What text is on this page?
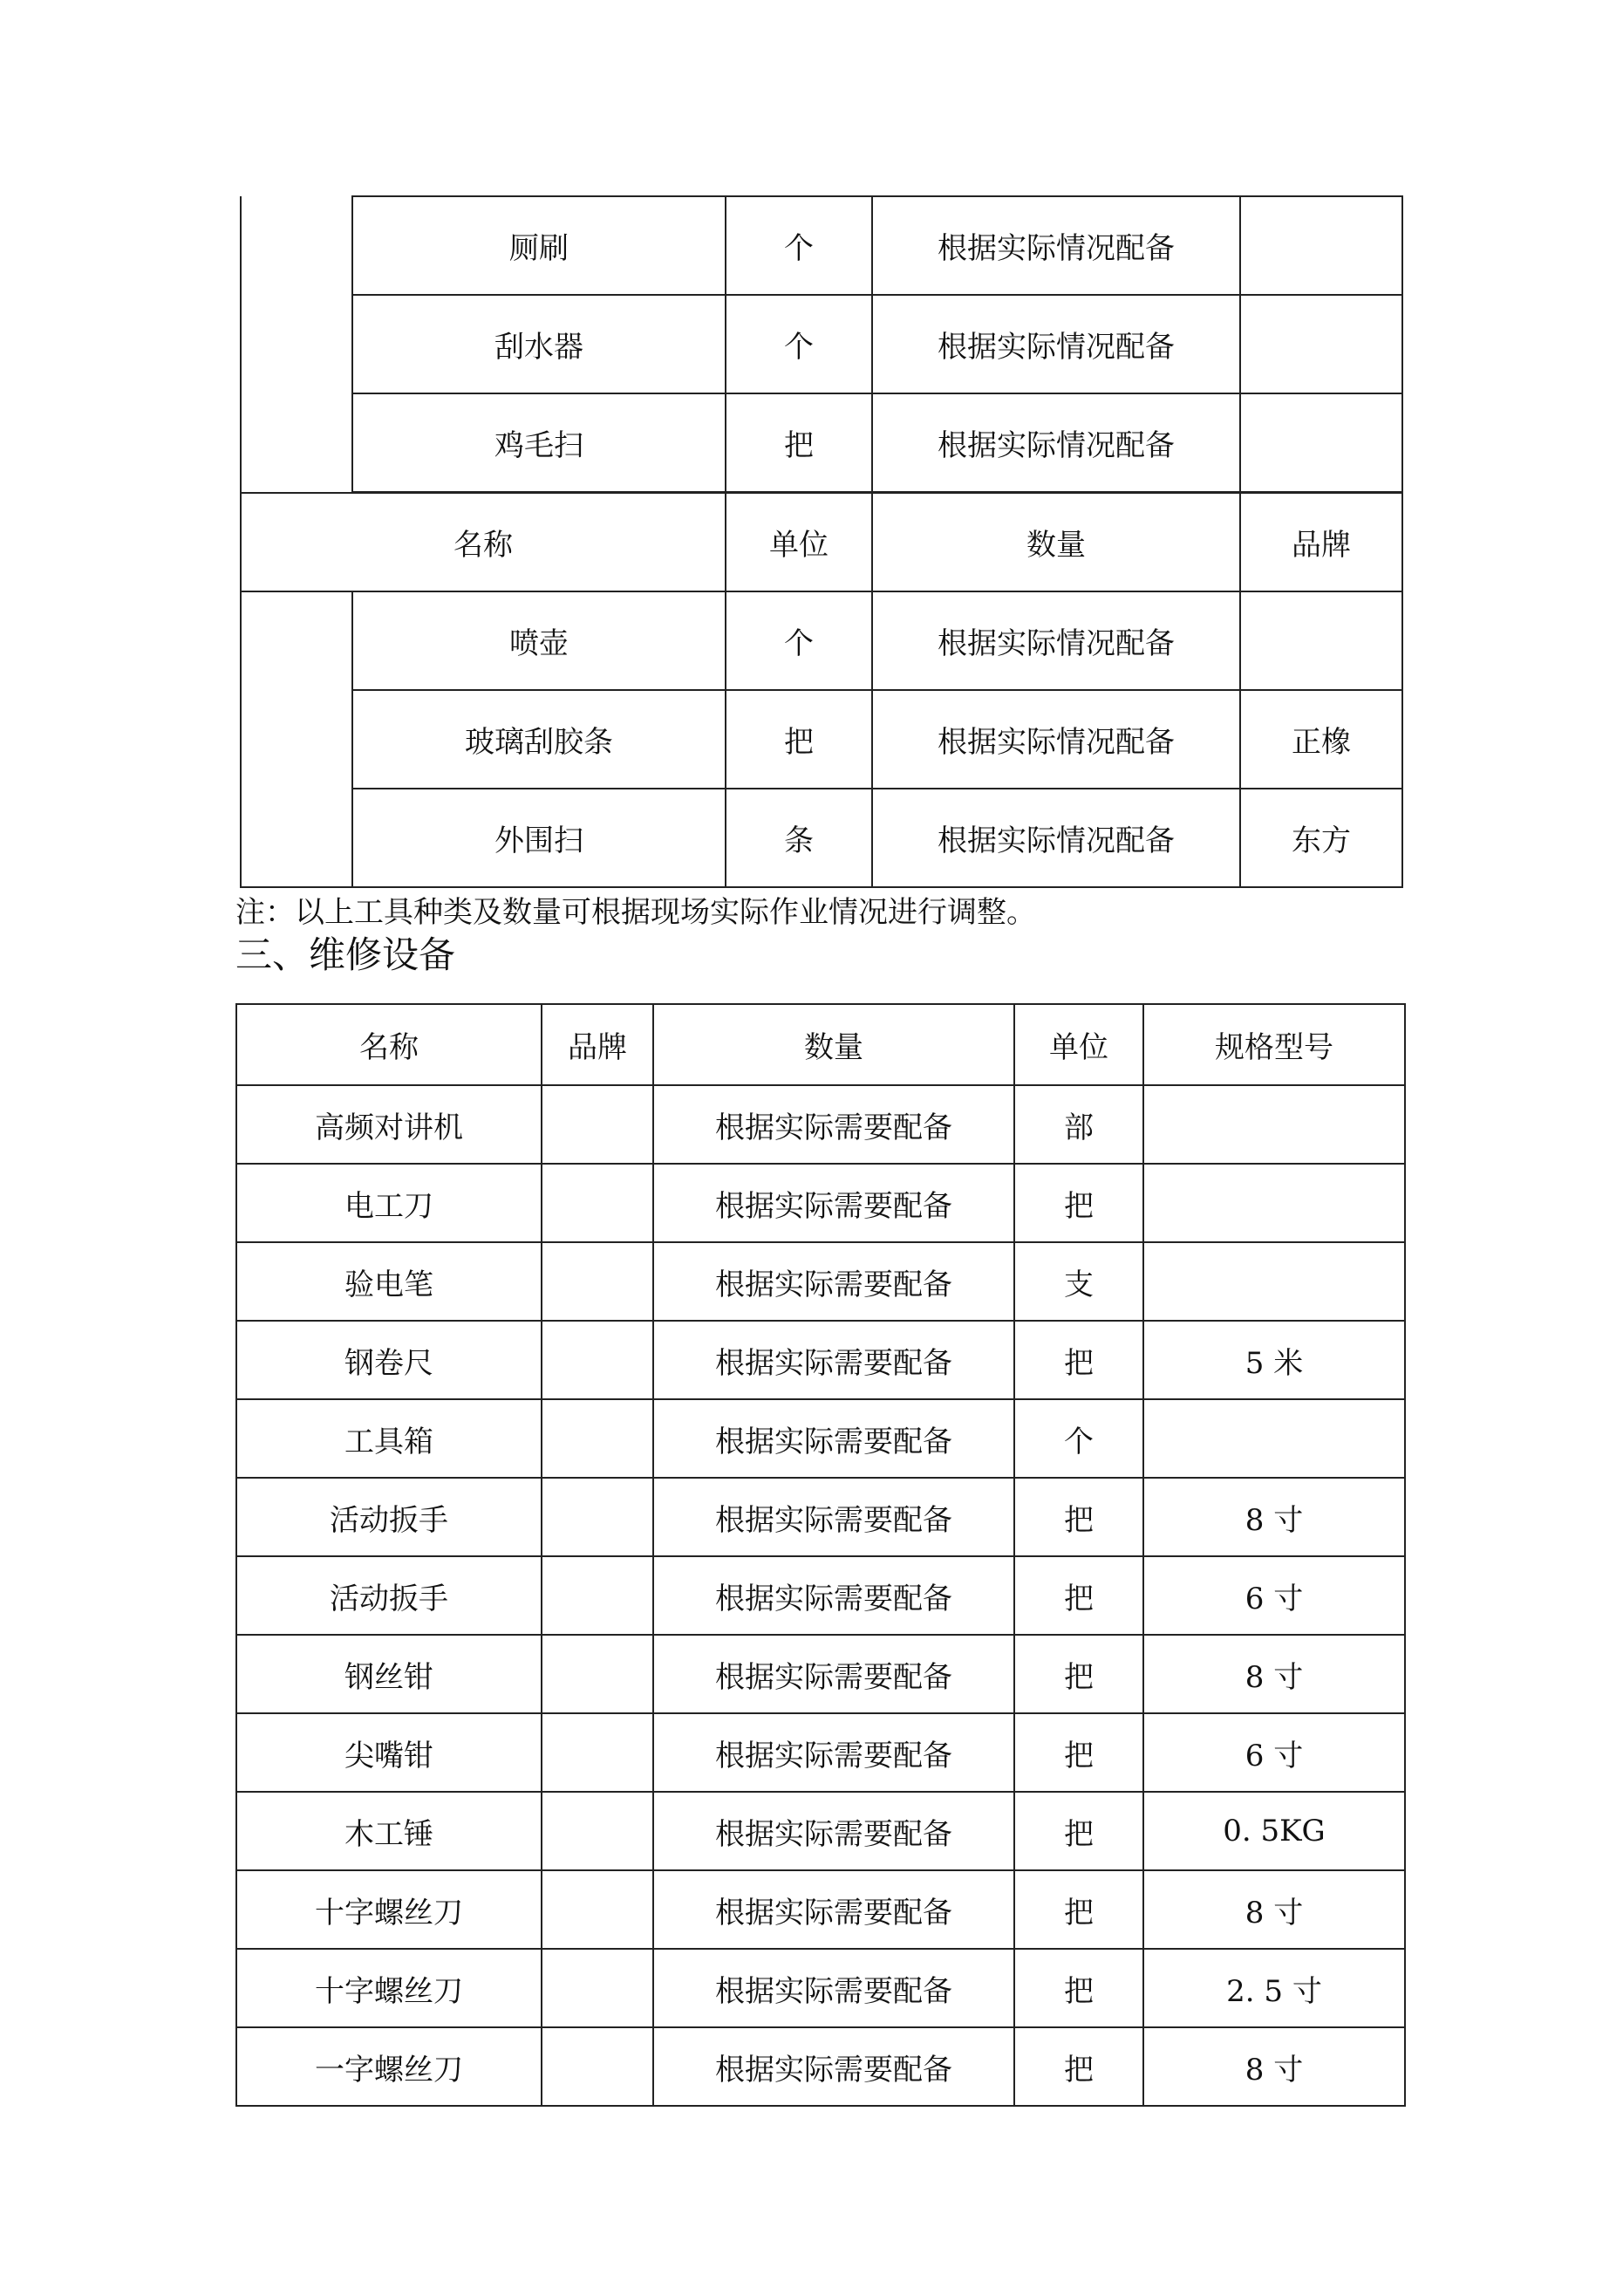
	厕刷	个	根据实际情况配备	
	刮水器	个	根据实际情况配备	
	鸡毛扫	把	根据实际情况配备	
名称		单位	数量	品牌
	喷壶	个	根据实际情况配备	
	玻璃刮胶条	把	根据实际情况配备	正橡
	外围扫	条	根据实际情况配备	东方
注：以上工具种类及数量可根据现场实际作业情况进行调整。
三、维修设备
名称	品牌	数量	单位	规格型号
高频对讲机		根据实际需要配备	部	
电工刀		根据实际需要配备	把	
验电笔		根据实际需要配备	支	
钢卷尺		根据实际需要配备	把	5 米
工具箱		根据实际需要配备	个	
活动扳手		根据实际需要配备	把	8 寸
活动扳手		根据实际需要配备	把	6 寸
钢丝钳		根据实际需要配备	把	8 寸
尖嘴钳		根据实际需要配备	把	6 寸
木工锤		根据实际需要配备	把	0. 5KG
十字螺丝刀		根据实际需要配备	把	8 寸
十字螺丝刀		根据实际需要配备	把	2. 5 寸
一字螺丝刀		根据实际需要配备	把	8 寸
